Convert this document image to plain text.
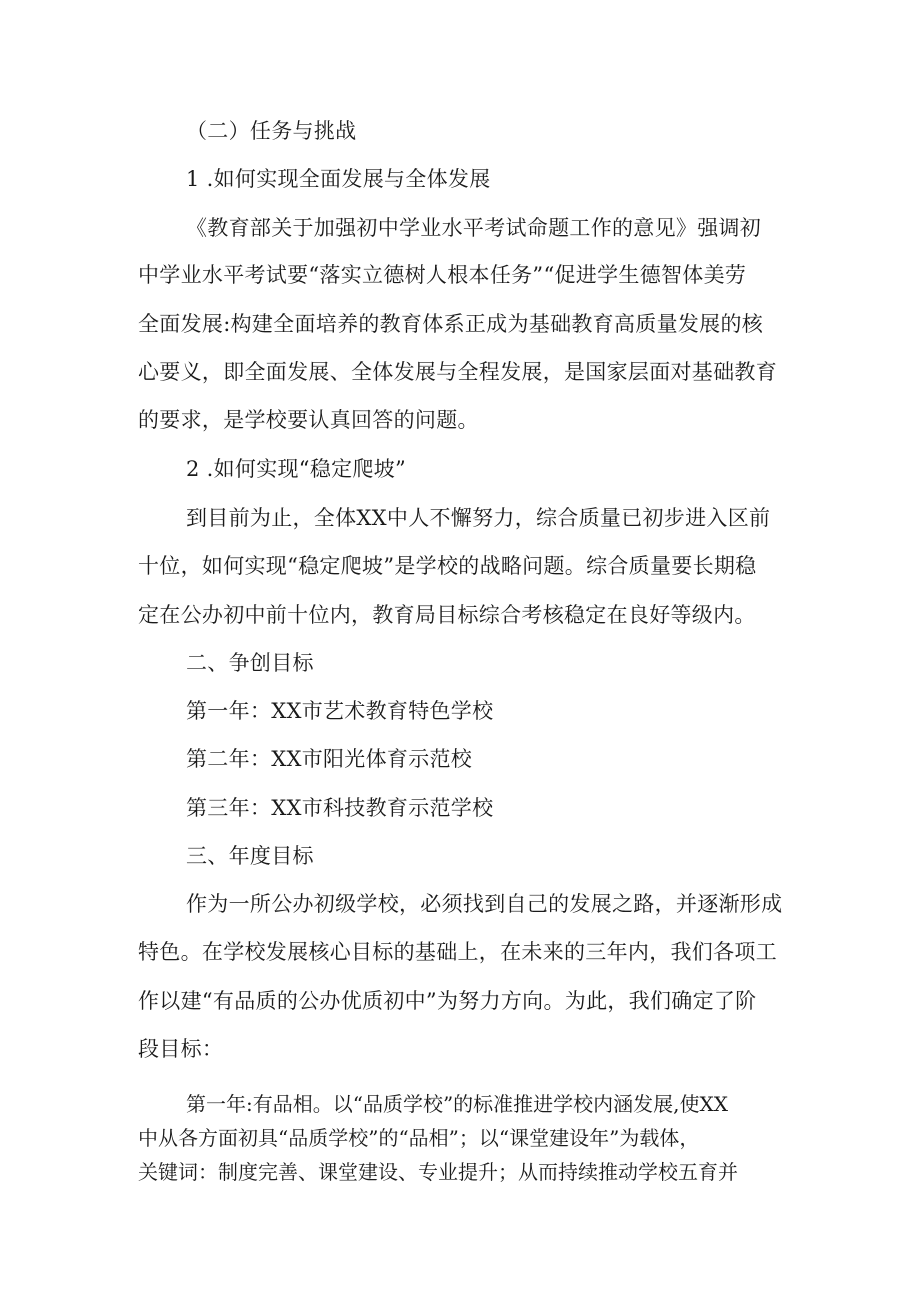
（二）任务与挑战
1 .如何实现全面发展与全体发展
《教育部关于加强初中学业水平考试命题工作的意见》强调初
中学业水平考试要“落实立德树人根本任务”“促进学生德智体美劳
全面发展:构建全面培养的教育体系正成为基础教育高质量发展的核
心要义，即全面发展、全体发展与全程发展，是国家层面对基础教育
的要求，是学校要认真回答的问题。
2 .如何实现“稳定爬坡”
到目前为止，全体XX中人不懈努力，综合质量已初步进入区前
十位，如何实现“稳定爬坡”是学校的战略问题。综合质量要长期稳
定在公办初中前十位内，教育局目标综合考核稳定在良好等级内。
二、争创目标
第一年：XX市艺术教育特色学校
第二年：XX市阳光体育示范校
第三年：XX市科技教育示范学校
三、年度目标
作为一所公办初级学校，必须找到自己的发展之路，并逐渐形成
特色。在学校发展核心目标的基础上，在未来的三年内，我们各项工
作以建“有品质的公办优质初中”为努力方向。为此，我们确定了阶
段目标：
第一年:有品相。以“品质学校”的标准推进学校内涵发展,使XX
中从各方面初具“品质学校”的“品相”；以“课堂建设年”为载体，
关键词：制度完善、课堂建设、专业提升；从而持续推动学校五育并
